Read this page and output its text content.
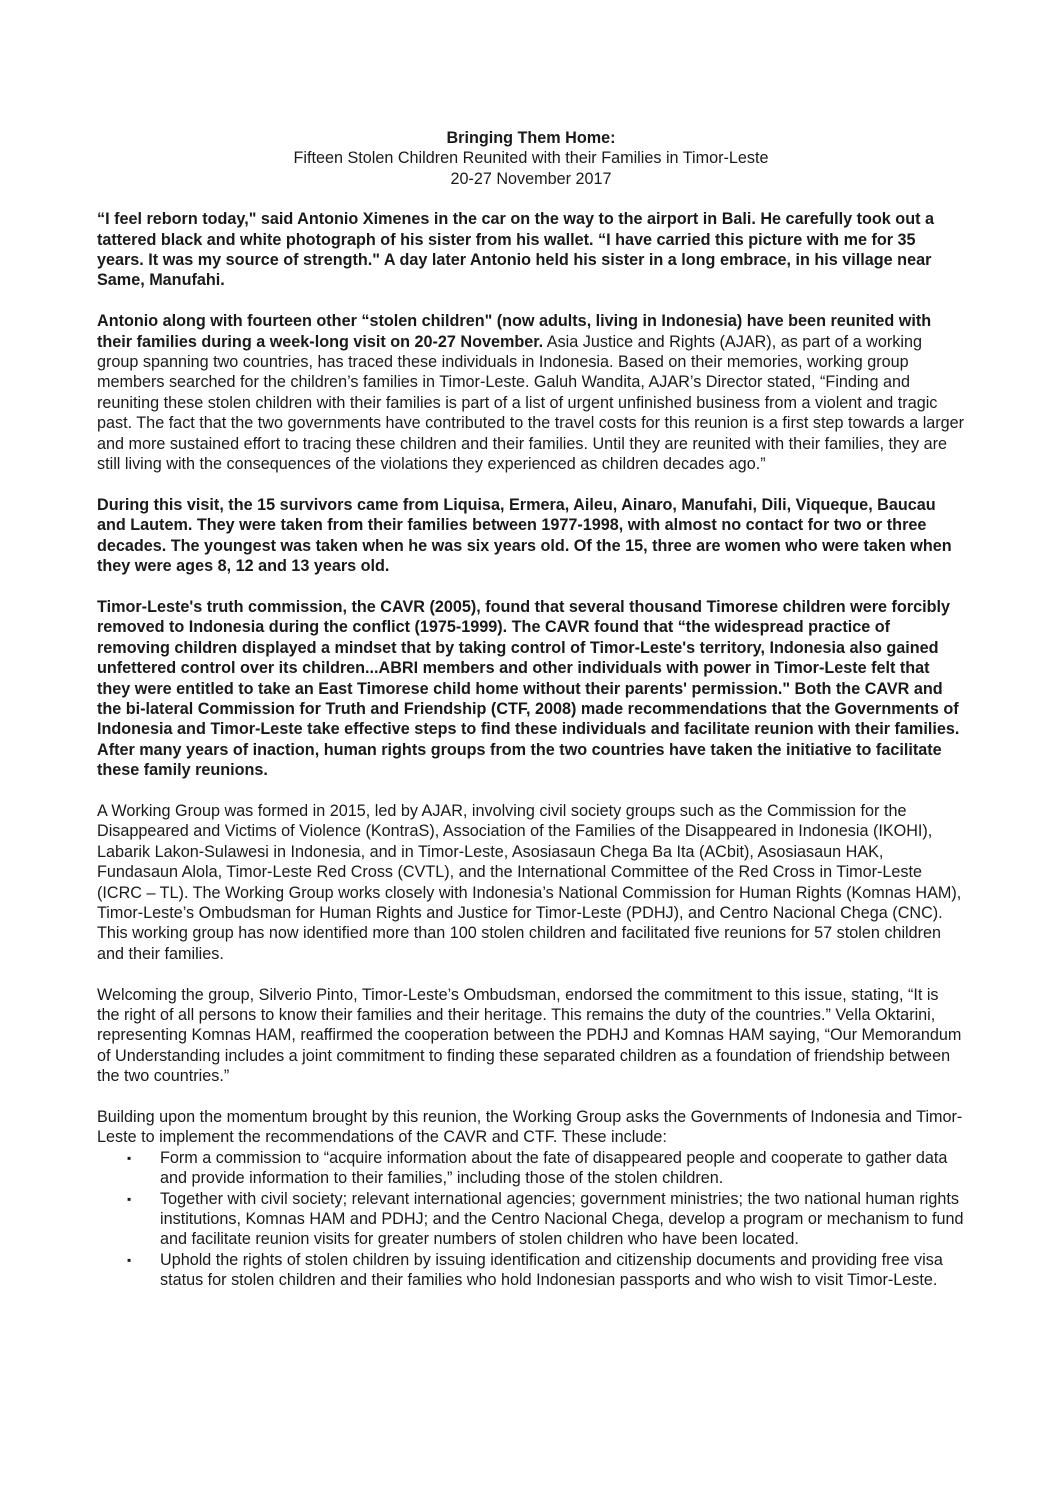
Bringing Them Home:
Fifteen Stolen Children Reunited with their Families in Timor-Leste
20-27 November 2017

“I feel reborn today," said Antonio Ximenes in the car on the way to the airport in Bali. He carefully took out a tattered black and white photograph of his sister from his wallet. “I have carried this picture with me for 35 years. It was my source of strength." A day later Antonio held his sister in a long embrace, in his village near Same, Manufahi.

Antonio along with fourteen other “stolen children" (now adults, living in Indonesia) have been reunited with their families during a week-long visit on 20-27 November. Asia Justice and Rights (AJAR), as part of a working group spanning two countries, has traced these individuals in Indonesia. Based on their memories, working group members searched for the children’s families in Timor-Leste. Galuh Wandita, AJAR’s Director stated, “Finding and reuniting these stolen children with their families is part of a list of urgent unfinished business from a violent and tragic past. The fact that the two governments have contributed to the travel costs for this reunion is a first step towards a larger and more sustained effort to tracing these children and their families. Until they are reunited with their families, they are still living with the consequences of the violations they experienced as children decades ago.”

During this visit, the 15 survivors came from Liquisa, Ermera, Aileu, Ainaro, Manufahi, Dili, Viqueque, Baucau and Lautem. They were taken from their families between 1977-1998, with almost no contact for two or three decades. The youngest was taken when he was six years old. Of the 15, three are women who were taken when they were ages 8, 12 and 13 years old.

Timor-Leste's truth commission, the CAVR (2005), found that several thousand Timorese children were forcibly removed to Indonesia during the conflict (1975-1999). The CAVR found that “the widespread practice of removing children displayed a mindset that by taking control of Timor-Leste's territory, Indonesia also gained unfettered control over its children...ABRI members and other individuals with power in Timor-Leste felt that they were entitled to take an East Timorese child home without their parents' permission." Both the CAVR and the bi-lateral Commission for Truth and Friendship (CTF, 2008) made recommendations that the Governments of Indonesia and Timor-Leste take effective steps to find these individuals and facilitate reunion with their families. After many years of inaction, human rights groups from the two countries have taken the initiative to facilitate these family reunions.

A Working Group was formed in 2015, led by AJAR, involving civil society groups such as the Commission for the Disappeared and Victims of Violence (KontraS), Association of the Families of the Disappeared in Indonesia (IKOHI), Labarik Lakon-Sulawesi in Indonesia, and in Timor-Leste, Asosiasaun Chega Ba Ita (ACbit), Asosiasaun HAK, Fundasaun Alola, Timor-Leste Red Cross (CVTL), and the International Committee of the Red Cross in Timor-Leste (ICRC – TL). The Working Group works closely with Indonesia’s National Commission for Human Rights (Komnas HAM), Timor-Leste’s Ombudsman for Human Rights and Justice for Timor-Leste (PDHJ), and Centro Nacional Chega (CNC). This working group has now identified more than 100 stolen children and facilitated five reunions for 57 stolen children and their families.

Welcoming the group, Silverio Pinto, Timor-Leste’s Ombudsman, endorsed the commitment to this issue, stating, “It is the right of all persons to know their families and their heritage. This remains the duty of the countries.” Vella Oktarini, representing Komnas HAM, reaffirmed the cooperation between the PDHJ and Komnas HAM saying, “Our Memorandum of Understanding includes a joint commitment to finding these separated children as a foundation of friendship between the two countries.”

Building upon the momentum brought by this reunion, the Working Group asks the Governments of Indonesia and Timor-Leste to implement the recommendations of the CAVR and CTF. These include:

▪ Form a commission to “acquire information about the fate of disappeared people and cooperate to gather data and provide information to their families,” including those of the stolen children.
▪ Together with civil society; relevant international agencies; government ministries; the two national human rights institutions, Komnas HAM and PDHJ; and the Centro Nacional Chega, develop a program or mechanism to fund and facilitate reunion visits for greater numbers of stolen children who have been located.
▪ Uphold the rights of stolen children by issuing identification and citizenship documents and providing free visa status for stolen children and their families who hold Indonesian passports and who wish to visit Timor-Leste.
